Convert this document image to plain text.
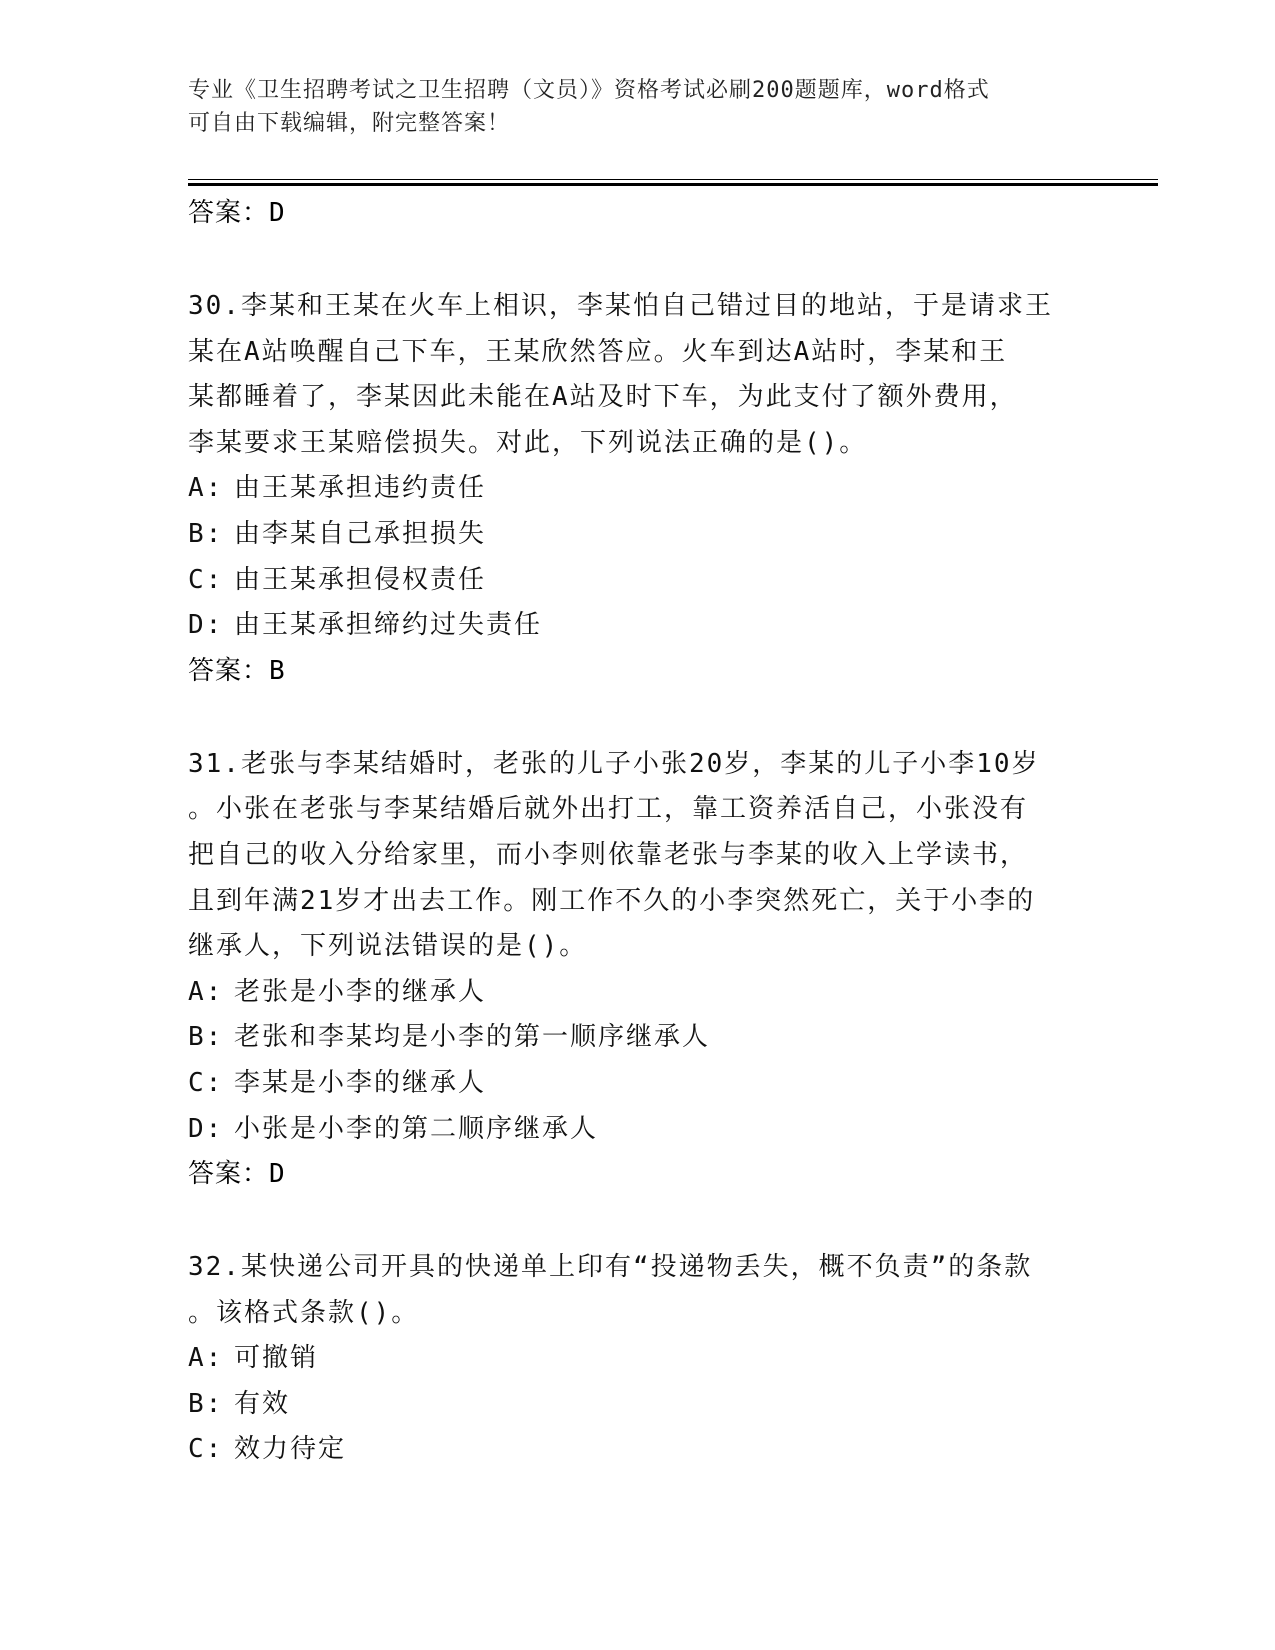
专业《卫生招聘考试之卫生招聘（文员）》资格考试必刷200题题库，word格式
可自由下载编辑，附完整答案！
答案：D
30.李某和王某在火车上相识，李某怕自己错过目的地站，于是请求王
某在A站唤醒自己下车，王某欣然答应。火车到达A站时，李某和王
某都睡着了，李某因此未能在A站及时下车，为此支付了额外费用，
李某要求王某赔偿损失。对此，下列说法正确的是()。
A: 由王某承担违约责任
B: 由李某自己承担损失
C: 由王某承担侵权责任
D: 由王某承担缔约过失责任
答案：B
31.老张与李某结婚时，老张的儿子小张20岁，李某的儿子小李10岁
。小张在老张与李某结婚后就外出打工，靠工资养活自己，小张没有
把自己的收入分给家里，而小李则依靠老张与李某的收入上学读书，
且到年满21岁才出去工作。刚工作不久的小李突然死亡，关于小李的
继承人，下列说法错误的是()。
A: 老张是小李的继承人
B: 老张和李某均是小李的第一顺序继承人
C: 李某是小李的继承人
D: 小张是小李的第二顺序继承人
答案：D
32.某快递公司开具的快递单上印有“投递物丢失，概不负责”的条款
。该格式条款()。
A: 可撤销
B: 有效
C: 效力待定
